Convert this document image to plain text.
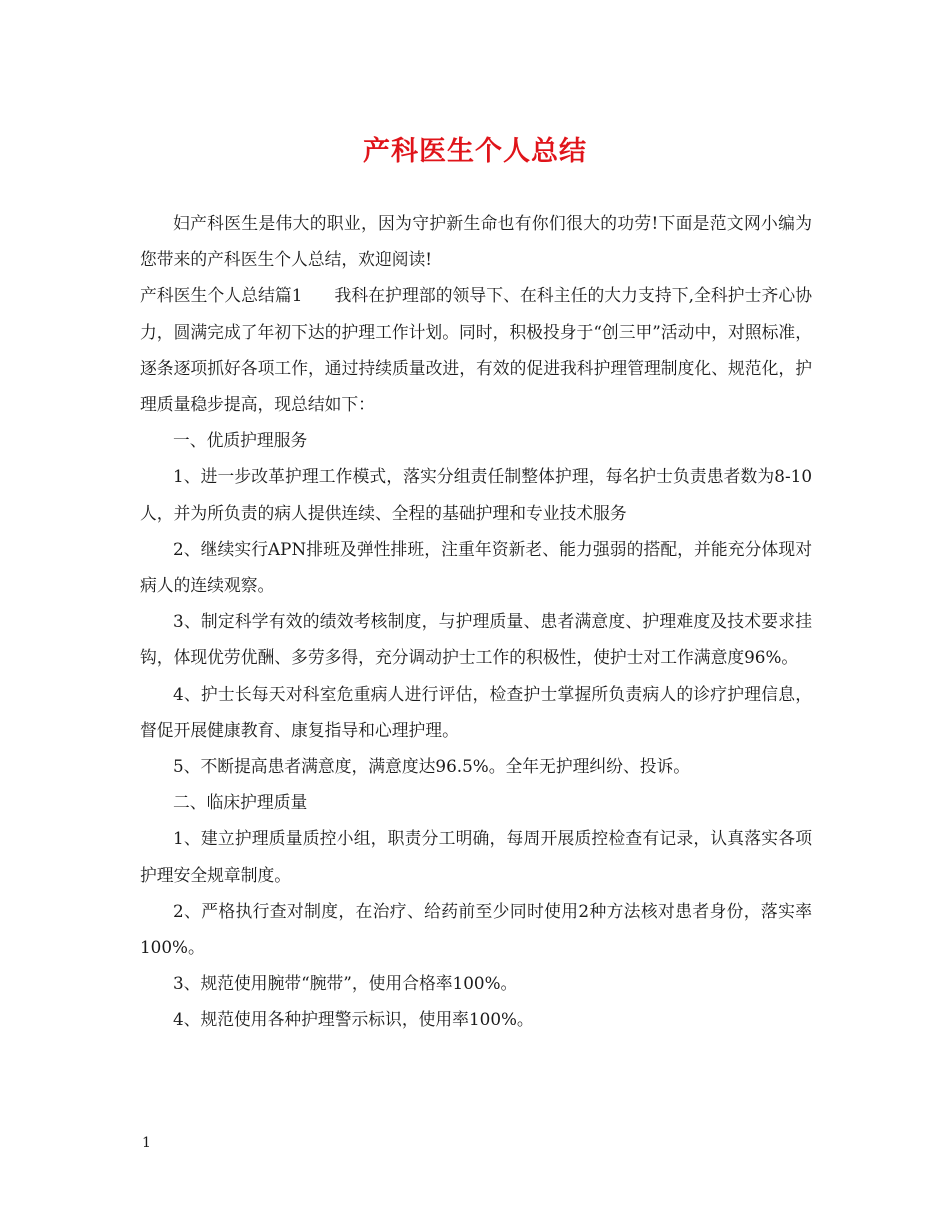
产科医生个人总结

妇产科医生是伟大的职业，因为守护新生命也有你们很大的功劳!下面是范文网小编为您带来的产科医生个人总结，欢迎阅读!

产科医生个人总结篇1 我科在护理部的领导下、在科主任的大力支持下,全科护士齐心协力，圆满完成了年初下达的护理工作计划。同时，积极投身于“创三甲”活动中，对照标准，逐条逐项抓好各项工作，通过持续质量改进，有效的促进我科护理管理制度化、规范化，护理质量稳步提高，现总结如下：

一、优质护理服务

1、进一步改革护理工作模式，落实分组责任制整体护理，每名护士负责患者数为8-10人，并为所负责的病人提供连续、全程的基础护理和专业技术服务

2、继续实行APN排班及弹性排班，注重年资新老、能力强弱的搭配，并能充分体现对病人的连续观察。

3、制定科学有效的绩效考核制度，与护理质量、患者满意度、护理难度及技术要求挂钩，体现优劳优酬、多劳多得，充分调动护士工作的积极性，使护士对工作满意度96%。

4、护士长每天对科室危重病人进行评估，检查护士掌握所负责病人的诊疗护理信息，督促开展健康教育、康复指导和心理护理。

5、不断提高患者满意度，满意度达96.5%。全年无护理纠纷、投诉。

二、临床护理质量

1、建立护理质量质控小组，职责分工明确，每周开展质控检查有记录，认真落实各项护理安全规章制度。

2、严格执行查对制度，在治疗、给药前至少同时使用2种方法核对患者身份，落实率100%。

3、规范使用腕带“腕带”，使用合格率100%。

4、规范使用各种护理警示标识，使用率100%。

1
